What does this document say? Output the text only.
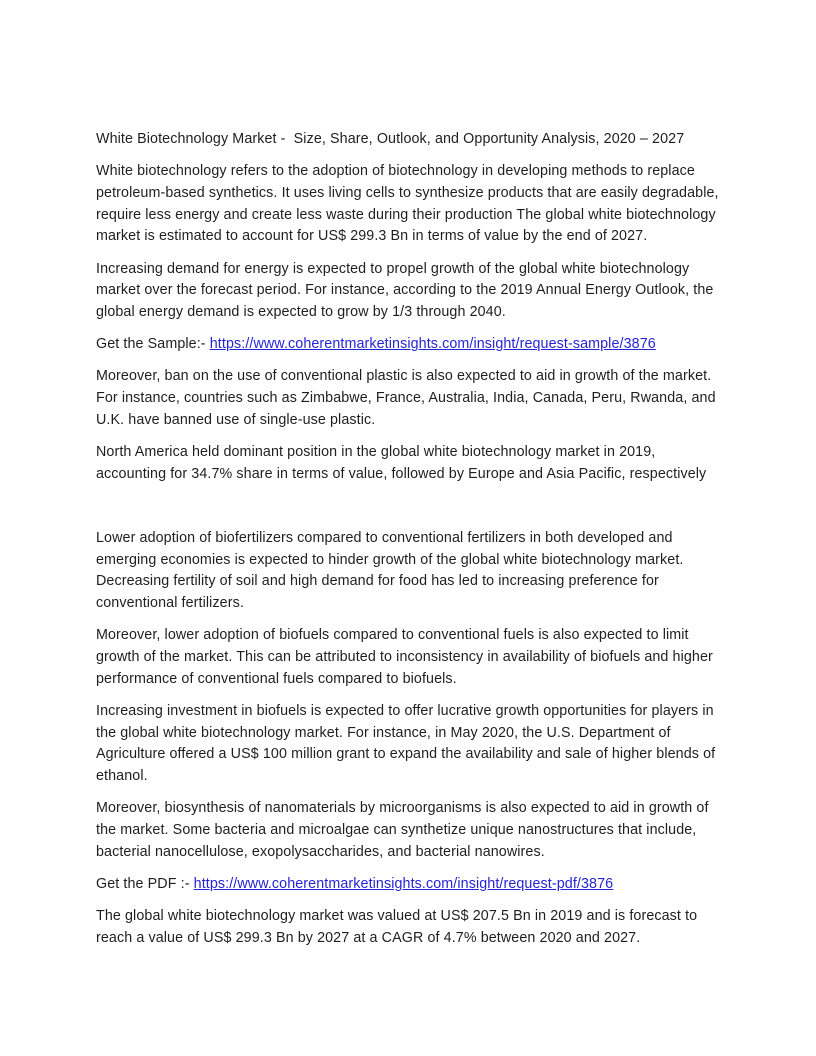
White Biotechnology Market -  Size, Share, Outlook, and Opportunity Analysis, 2020 – 2027

White biotechnology refers to the adoption of biotechnology in developing methods to replace petroleum-based synthetics. It uses living cells to synthesize products that are easily degradable, require less energy and create less waste during their production The global white biotechnology market is estimated to account for US$ 299.3 Bn in terms of value by the end of 2027.

Increasing demand for energy is expected to propel growth of the global white biotechnology market over the forecast period. For instance, according to the 2019 Annual Energy Outlook, the global energy demand is expected to grow by 1/3 through 2040.

Get the Sample:- https://www.coherentmarketinsights.com/insight/request-sample/3876

Moreover, ban on the use of conventional plastic is also expected to aid in growth of the market. For instance, countries such as Zimbabwe, France, Australia, India, Canada, Peru, Rwanda, and U.K. have banned use of single-use plastic.

North America held dominant position in the global white biotechnology market in 2019, accounting for 34.7% share in terms of value, followed by Europe and Asia Pacific, respectively

Lower adoption of biofertilizers compared to conventional fertilizers in both developed and emerging economies is expected to hinder growth of the global white biotechnology market. Decreasing fertility of soil and high demand for food has led to increasing preference for conventional fertilizers.

Moreover, lower adoption of biofuels compared to conventional fuels is also expected to limit growth of the market. This can be attributed to inconsistency in availability of biofuels and higher performance of conventional fuels compared to biofuels.

Increasing investment in biofuels is expected to offer lucrative growth opportunities for players in the global white biotechnology market. For instance, in May 2020, the U.S. Department of Agriculture offered a US$ 100 million grant to expand the availability and sale of higher blends of ethanol.

Moreover, biosynthesis of nanomaterials by microorganisms is also expected to aid in growth of the market. Some bacteria and microalgae can synthetize unique nanostructures that include, bacterial nanocellulose, exopolysaccharides, and bacterial nanowires.

Get the PDF :- https://www.coherentmarketinsights.com/insight/request-pdf/3876

The global white biotechnology market was valued at US$ 207.5 Bn in 2019 and is forecast to reach a value of US$ 299.3 Bn by 2027 at a CAGR of 4.7% between 2020 and 2027.
